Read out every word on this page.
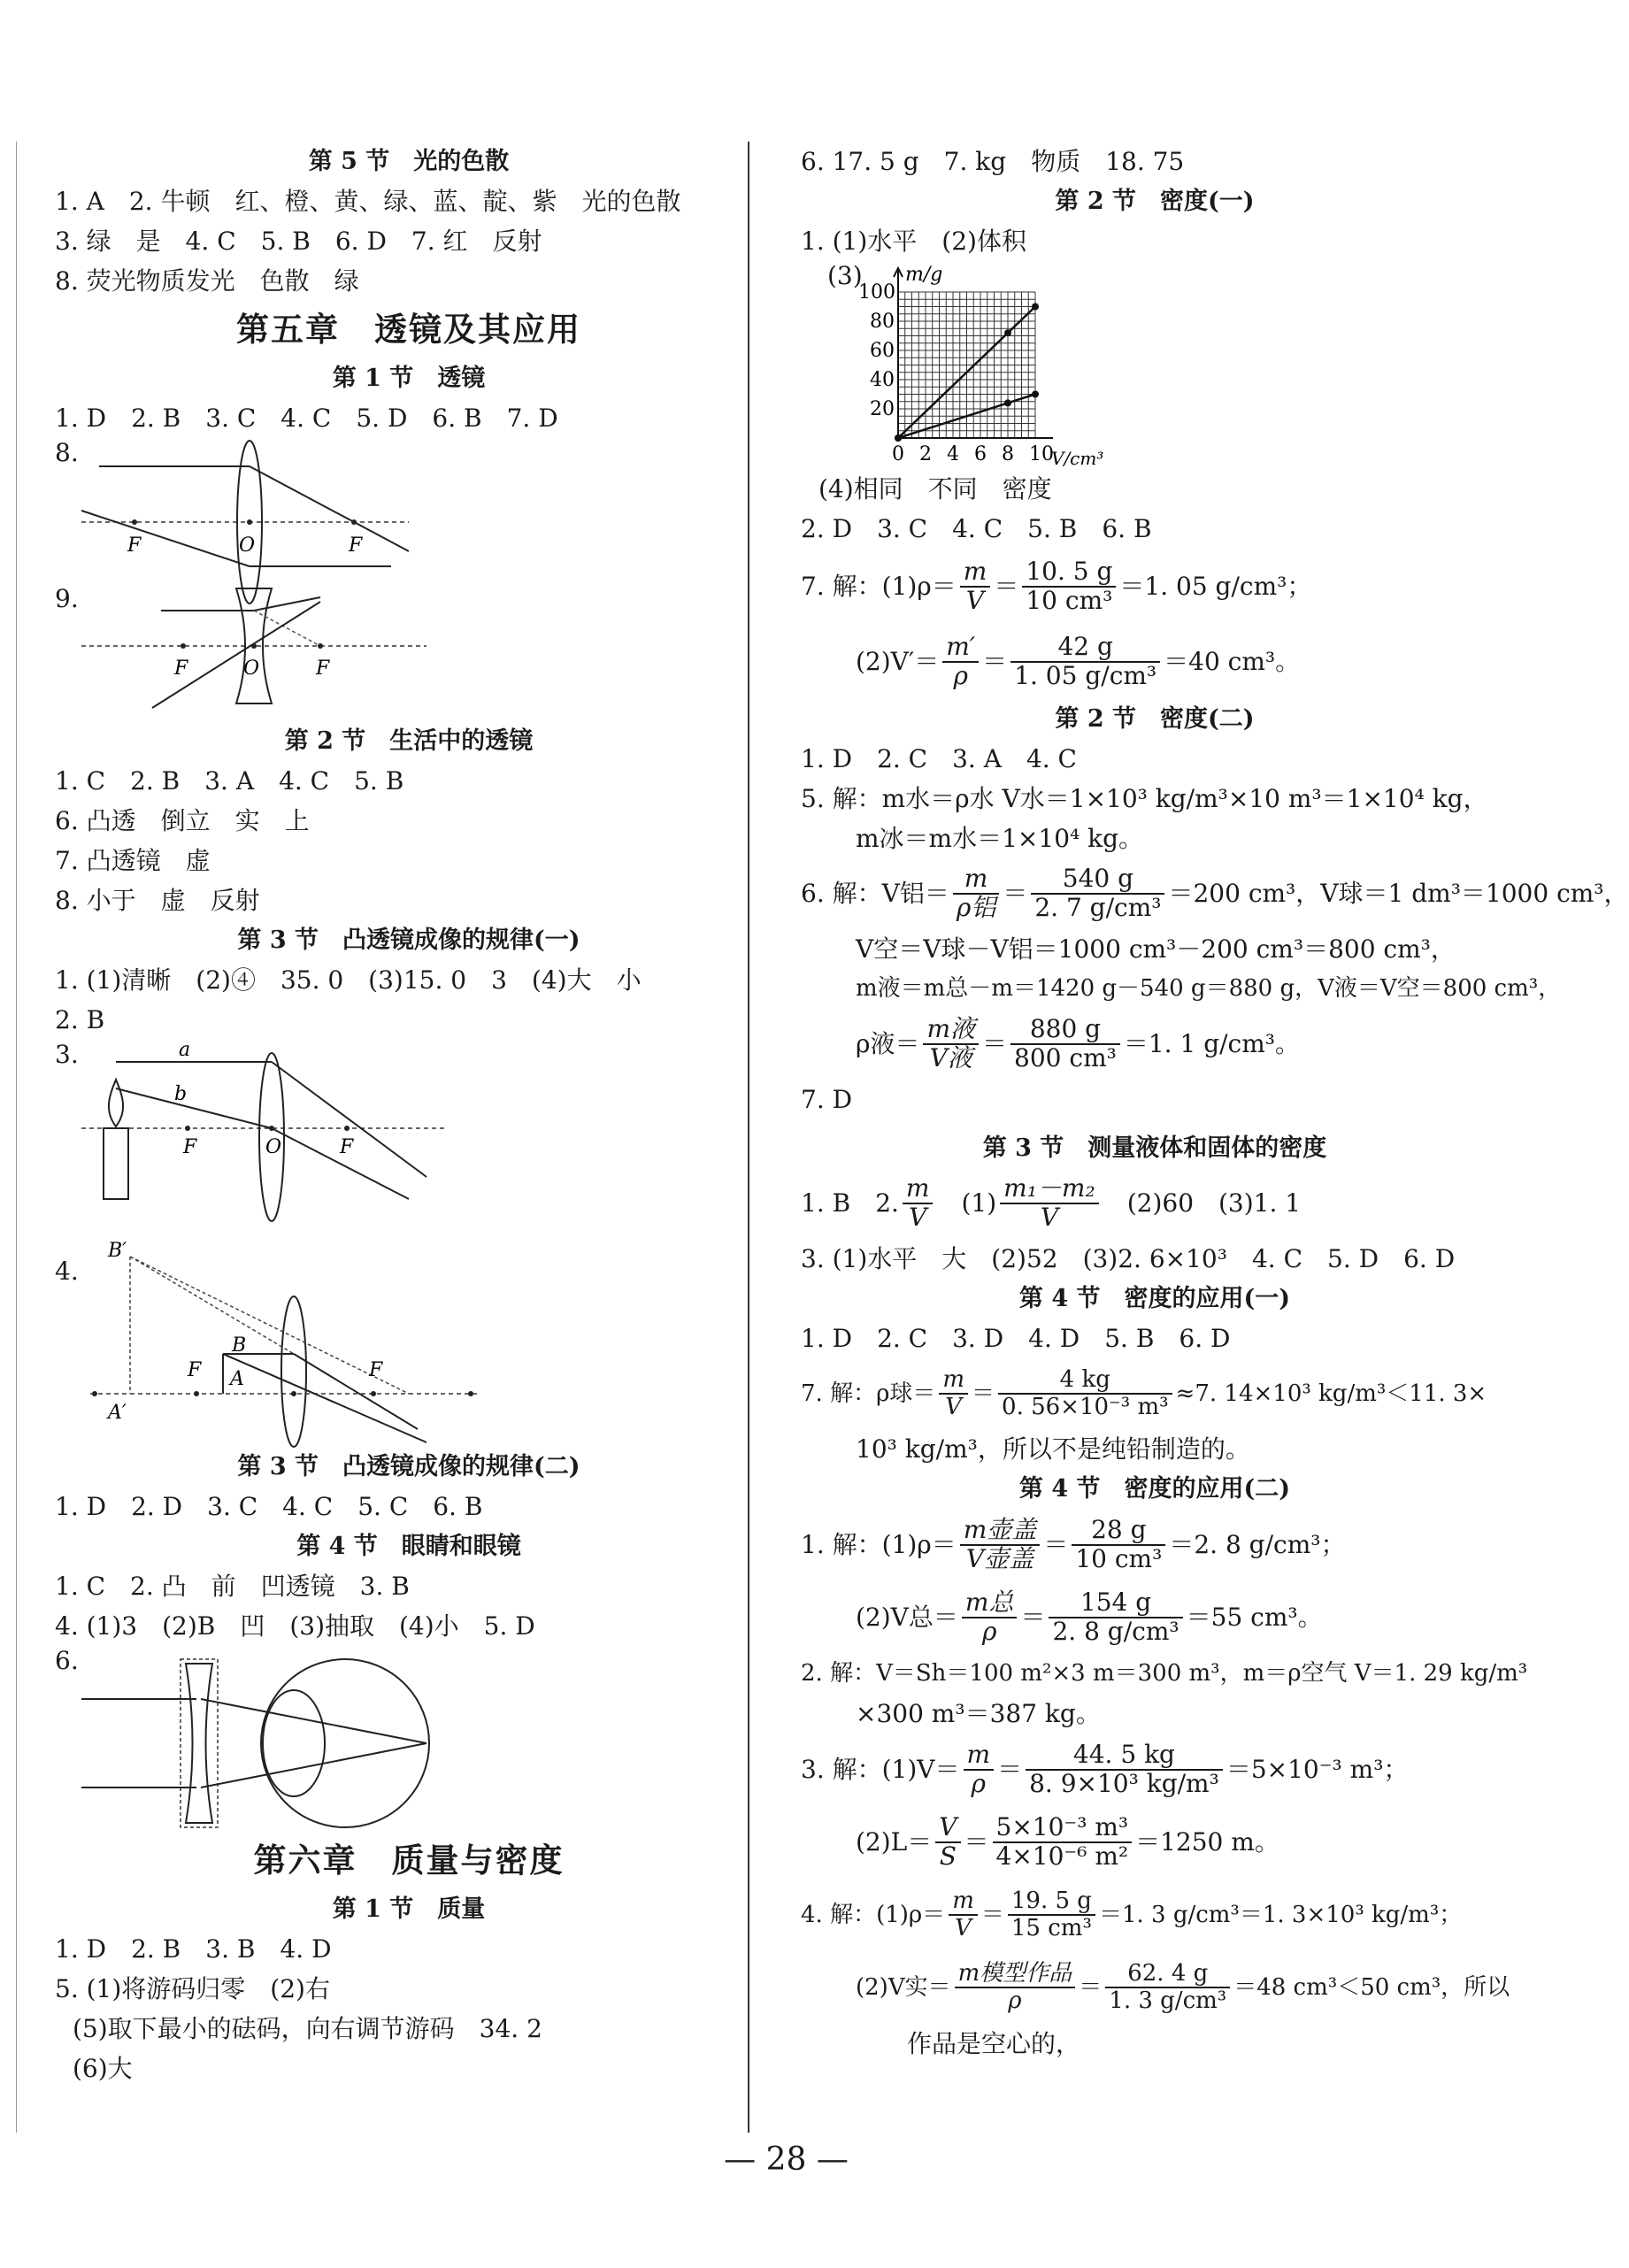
第 5 节　光的色散
1. A　2. 牛顿　红、橙、黄、绿、蓝、靛、紫　光的色散
3. 绿　是　4. C　5. B　6. D　7. 红　反射
8. 荧光物质发光　色散　绿
第五章　透镜及其应用
第 1 节　透镜
1. D　2. B　3. C　4. C　5. D　6. B　7. D
8.
F	O	F
9.
F	O	F
第 2 节　生活中的透镜
1. C　2. B　3. A　4. C　5. B
6. 凸透　倒立　实　上
7. 凸透镜　虚
8. 小于　虚　反射
第 3 节　凸透镜成像的规律(一)
1. (1)清晰　(2)④　35. 0　(3)15. 0　3　(4)大　小
2. B
3.	a
b
F	O	F
4.
B′
B
A
A′
F	F
第 3 节　凸透镜成像的规律(二)
1. D　2. D　3. C　4. C　5. C　6. B
第 4 节　眼睛和眼镜
1. C　2. 凸　前　凹透镜　3. B
4. (1)3　(2)B　凹　(3)抽取　(4)小　5. D
6.
第六章　质量与密度
第 1 节　质量
1. D　2. B　3. B　4. D
5. (1)将游码归零　(2)右
(5)取下最小的砝码，向右调节游码　34. 2
(6)大
6. 17. 5 g　7. kg　物质　18. 75
第 2 节　密度(一)
1. (1)水平　(2)体积
(3)
0 2 4 6 8 10
20
40
60
80
100
m/g
V/cm³
(4)相同　不同　密度
2. D　3. C　4. C　5. B　6. B
7. 解：$(1)\rho= \frac{m}{V} = \frac{10. 5 g}{\text{10 cm³}} =1$. 05 g/cm³；
$(2)V'= \frac{m'}{\rho} = \frac{42 g}{\text{1. 05 g/cm³}} =40$ cm³。
第 2 节　密度(二)
1. D　2. C　3. A　4. C
5. 解：m水＝ρ水 V水＝1×10³ kg/m³×10 m³＝1×10⁴ kg，
m冰＝m水＝1×10⁴ kg。
6. 解：V铝＝ $\frac{m}{\text{ρ铝}} = \frac{540 g}{\text{2. 7 g/cm³}} =200$ cm³，V球＝1 dm³＝1000 cm³，
V空＝V球－V铝＝1000 cm³－200 cm³＝800 cm³，
m液＝m总－m＝1420 g－540 g＝880 g，V液＝V空＝800 cm³，
ρ液＝ $\frac{\text{m液}}{\text{V液}} = \frac{880 g}{\text{800 cm³}} =1$. 1 g/cm³。
7. D
第 3 节　测量液体和固体的密度
1. B　2. $\frac{m}{V}$ 　$(1) \frac{\text{m₁－m₂}}{V}$ 　(2)60　(3)1. 1
3. (1)水平　大　(2)52　(3)2. 6×10³　4. C　5. D　6. D
第 4 节　密度的应用(一)
1. D　2. C　3. D　4. D　5. B　6. D
7. 解：ρ球＝ $\frac{m}{V} = \frac{4 kg}{\text{0. 56×10⁻³ m³}} \approx 7$. 14×10³ kg/m³＜11. 3×
10³ kg/m³，所以不是纯铅制造的。
第 4 节　密度的应用(二)
1. 解：$(1)\rho= \frac{\text{m壶盖}}{\text{V壶盖}} = \frac{28 g}{\text{10 cm³}} =2$. 8 g/cm³；
(2)V总＝ $\frac{\text{m总}}{\rho} = \frac{154 g}{\text{2. 8 g/cm³}} =55$ cm³。
2. 解：V＝Sh＝100 m²×3 m＝300 m³，m＝ρ空气 V＝1. 29 kg/m³
×300 m³＝387 kg。
3. 解：$(1)V= \frac{m}{\rho} = \frac{44. 5 kg}{\text{8. 9×10³ kg/m³}} =5\times 10^{-3}$ m³；
$(2)L= \frac{V}{S} = \frac{\text{5×10⁻³ m³}}{\text{4×10⁻⁶ m²}} =1250$ m。
4. 解：$(1)\rho= \frac{m}{V} = \frac{19. 5 g}{\text{15 cm³}} =1$. 3 g/cm³＝1. 3×10³ kg/m³；
(2)V实＝ $\frac{\text{m模型作品}}{\rho} = \frac{62. 4 g}{\text{1. 3 g/cm³}} =48$ cm³＜50 cm³，所以
作品是空心的，
— 28 —
